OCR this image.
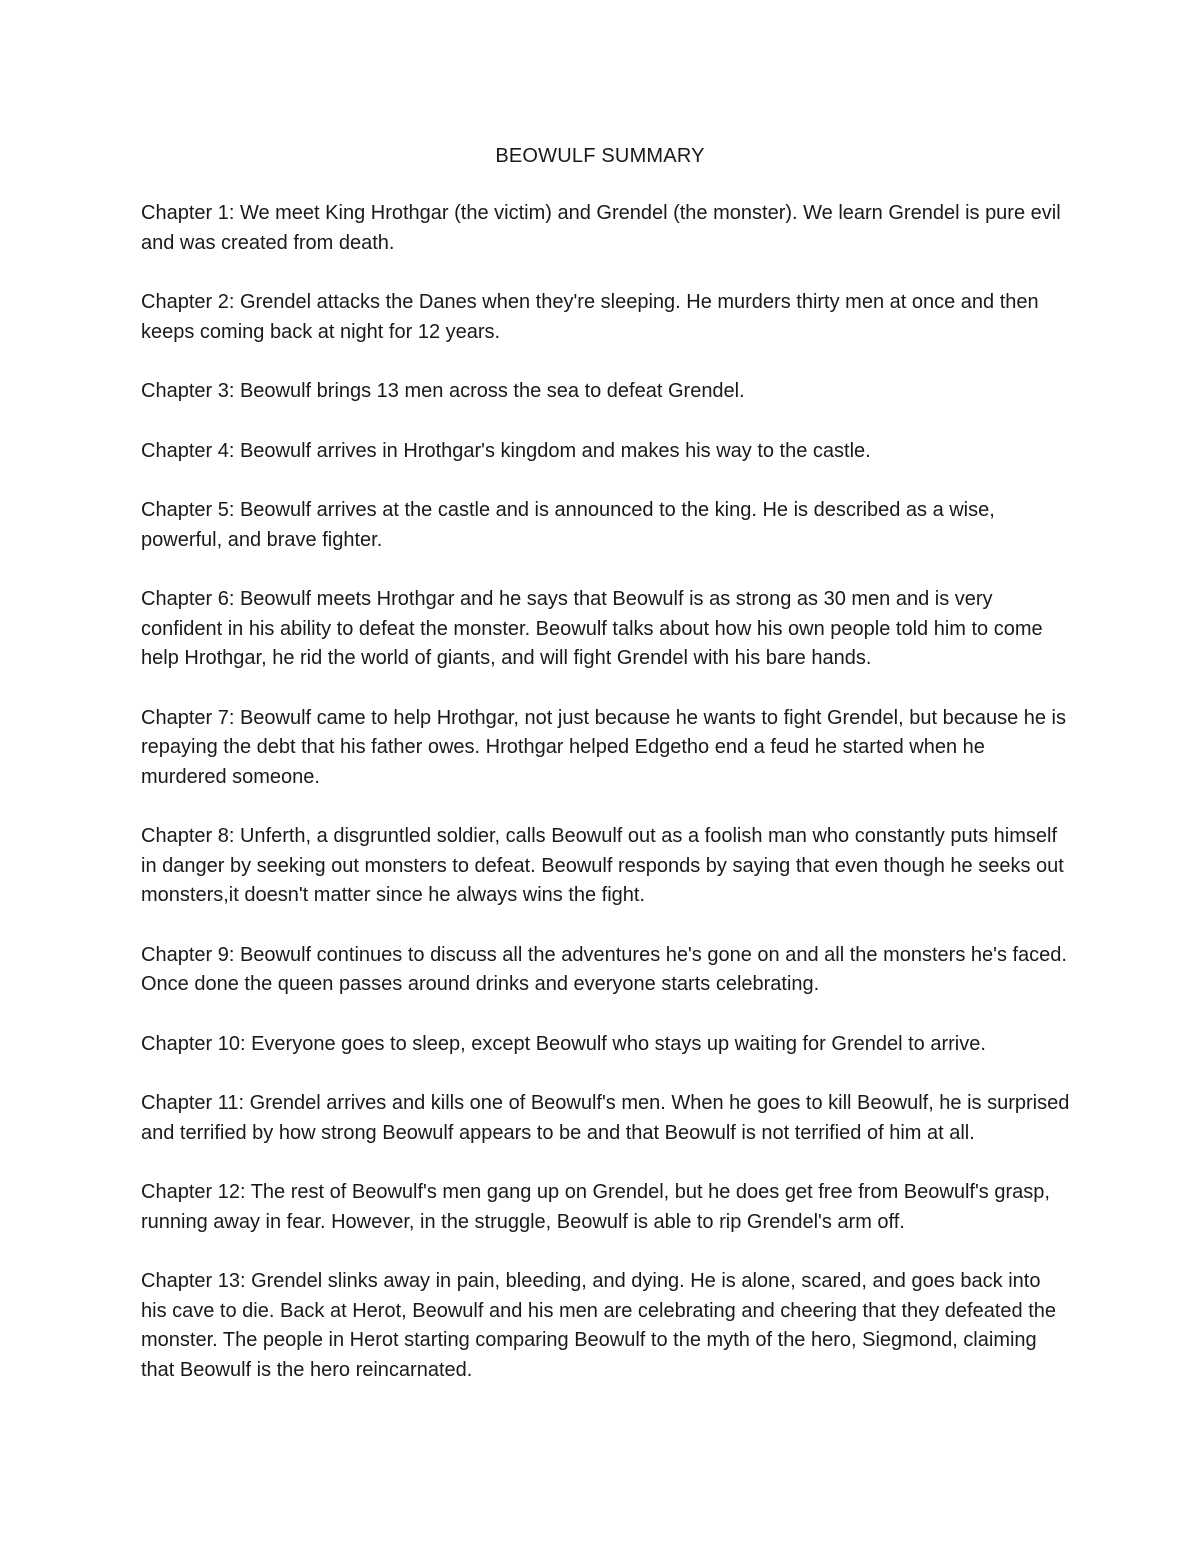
BEOWULF SUMMARY

Chapter 1: We meet King Hrothgar (the victim) and Grendel (the monster). We learn Grendel is pure evil and was created from death.

Chapter 2: Grendel attacks the Danes when they're sleeping. He murders thirty men at once and then keeps coming back at night for 12 years.

Chapter 3: Beowulf brings 13 men across the sea to defeat Grendel.

Chapter 4: Beowulf arrives in Hrothgar's kingdom and makes his way to the castle.

Chapter 5: Beowulf arrives at the castle and is announced to the king. He is described as a wise, powerful, and brave fighter.

Chapter 6: Beowulf meets Hrothgar and he says that Beowulf is as strong as 30 men and is very confident in his ability to defeat the monster. Beowulf talks about how his own people told him to come help Hrothgar, he rid the world of giants, and will fight Grendel with his bare hands.

Chapter 7: Beowulf came to help Hrothgar, not just because he wants to fight Grendel, but because he is repaying the debt that his father owes. Hrothgar helped Edgetho end a feud he started when he murdered someone.

Chapter 8: Unferth, a disgruntled soldier, calls Beowulf out as a foolish man who constantly puts himself in danger by seeking out monsters to defeat. Beowulf responds by saying that even though he seeks out monsters,it doesn't matter since he always wins the fight.

Chapter 9: Beowulf continues to discuss all the adventures he's gone on and all the monsters he's faced. Once done the queen passes around drinks and everyone starts celebrating.

Chapter 10: Everyone goes to sleep, except Beowulf who stays up waiting for Grendel to arrive.

Chapter 11: Grendel arrives and kills one of Beowulf's men. When he goes to kill Beowulf, he is surprised and terrified by how strong Beowulf appears to be and that Beowulf is not terrified of him at all.

Chapter 12: The rest of Beowulf's men gang up on Grendel, but he does get free from Beowulf's grasp, running away in fear. However, in the struggle, Beowulf is able to rip Grendel's arm off.

Chapter 13: Grendel slinks away in pain, bleeding, and dying. He is alone, scared, and goes back into his cave to die. Back at Herot, Beowulf and his men are celebrating and cheering that they defeated the monster. The people in Herot starting comparing Beowulf to the myth of the hero, Siegmond, claiming that Beowulf is the hero reincarnated.
